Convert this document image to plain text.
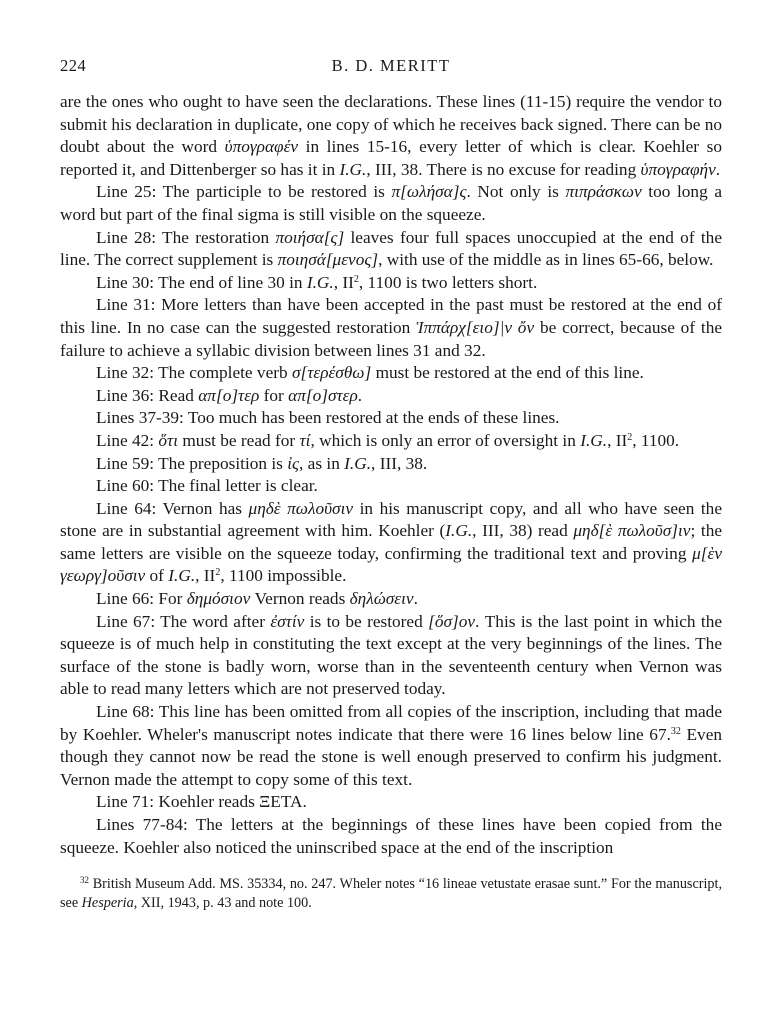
224	B. D. MERITT

are the ones who ought to have seen the declarations. These lines (11-15) require the vendor to submit his declaration in duplicate, one copy of which he receives back signed. There can be no doubt about the word ὑπογραφέν in lines 15-16, every letter of which is clear. Koehler so reported it, and Dittenberger so has it in I.G., III, 38. There is no excuse for reading ὑπογραφήν.

Line 25: The participle to be restored is π[ωλήσα]ς. Not only is πιπράσκων too long a word but part of the final sigma is still visible on the squeeze.

Line 28: The restoration ποιήσα[ς] leaves four full spaces unoccupied at the end of the line. The correct supplement is ποιησά[μενος], with use of the middle as in lines 65-66, below.

Line 30: The end of line 30 in I.G., $II^2$, 1100 is two letters short.

Line 31: More letters than have been accepted in the past must be restored at the end of this line. In no case can the suggested restoration Ἱππάρχ[ειο]|ν ὄν be correct, because of the failure to achieve a syllabic division between lines 31 and 32.

Line 32: The complete verb σ[τερέσθω] must be restored at the end of this line.

Line 36: Read απ[ο]τερ for απ[ο]στερ.

Lines 37-39: Too much has been restored at the ends of these lines.

Line 42: ὅτι must be read for τί, which is only an error of oversight in I.G., $II^2$, 1100.

Line 59: The preposition is ἰς, as in I.G., III, 38.

Line 60: The final letter is clear.

Line 64: Vernon has μηδὲ πωλοῦσιν in his manuscript copy, and all who have seen the stone are in substantial agreement with him. Koehler (I.G., III, 38) read μηδ[ὲ πωλοῦσ]ιν; the same letters are visible on the squeeze today, confirming the traditional text and proving μ[ὲν γεωργ]οῦσιν of I.G., $II^2$, 1100 impossible.

Line 66: For δημόσιον Vernon reads δηλώσειν.

Line 67: The word after ἐστίν is to be restored [ὅσ]ον. This is the last point in which the squeeze is of much help in constituting the text except at the very beginnings of the lines. The surface of the stone is badly worn, worse than in the seventeenth century when Vernon was able to read many letters which are not preserved today.

Line 68: This line has been omitted from all copies of the inscription, including that made by Koehler. Wheler's manuscript notes indicate that there were 16 lines below line 67.32 Even though they cannot now be read the stone is well enough preserved to confirm his judgment. Vernon made the attempt to copy some of this text.

Line 71: Koehler reads ΞΕΤΑ.

Lines 77-84: The letters at the beginnings of these lines have been copied from the squeeze. Koehler also noticed the uninscribed space at the end of the inscription

$^{32}$ British Museum Add. MS. 35334, no. 247. Wheler notes “16 lineae vetustate erasae sunt.” For the manuscript, see Hesperia, XII, 1943, p. 43 and note 100.
